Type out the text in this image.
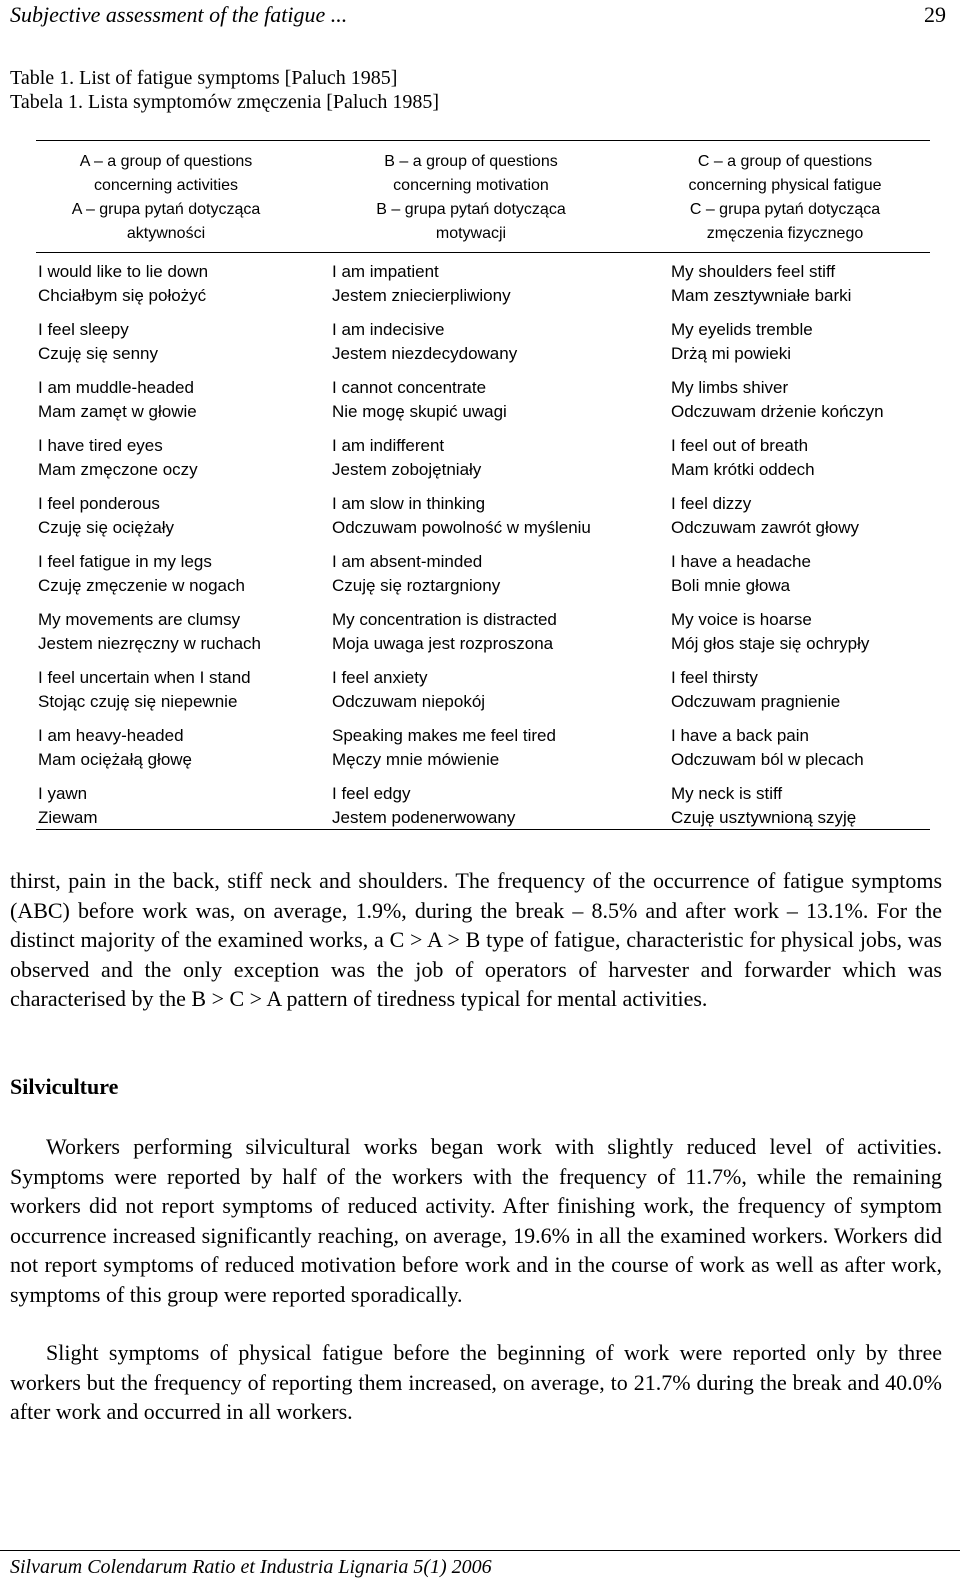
Subjective assessment of the fatigue ...	29
Table 1. List of fatigue symptoms [Paluch 1985]
Tabela 1. Lista symptomów zmęczenia [Paluch 1985]
A – a group of questions
concerning activities
A – grupa pytań dotycząca
aktywności
B – a group of questions
concerning motivation
B – grupa pytań dotycząca
motywacji
C – a group of questions
concerning physical fatigue
C – grupa pytań dotycząca
zmęczenia fizycznego
I would like to lie down
Chciałbym się położyć
I am impatient
Jestem zniecierpliwiony
My shoulders feel stiff
Mam zesztywniałe barki
I feel sleepy
Czuję się senny
I am indecisive
Jestem niezdecydowany
My eyelids tremble
Drżą mi powieki
I am muddle-headed
Mam zamęt w głowie
I cannot concentrate
Nie mogę skupić uwagi
My limbs shiver
Odczuwam drżenie kończyn
I have tired eyes
Mam zmęczone oczy
I am indifferent
Jestem zobojętniały
I feel out of breath
Mam krótki oddech
I feel ponderous
Czuję się ociężały
I am slow in thinking
Odczuwam powolność w myśleniu
I feel dizzy
Odczuwam zawrót głowy
I feel fatigue in my legs
Czuję zmęczenie w nogach
I am absent-minded
Czuję się roztargniony
I have a headache
Boli mnie głowa
My movements are clumsy
Jestem niezręczny w ruchach
My concentration is distracted
Moja uwaga jest rozproszona
My voice is hoarse
Mój głos staje się ochrypły
I feel uncertain when I stand
Stojąc czuję się niepewnie
I feel anxiety
Odczuwam niepokój
I feel thirsty
Odczuwam pragnienie
I am heavy-headed
Mam ociężałą głowę
Speaking makes me feel tired
Męczy mnie mówienie
I have a back pain
Odczuwam ból w plecach
I yawn
Ziewam
I feel edgy
Jestem podenerwowany
My neck is stiff
Czuję usztywnioną szyję

thirst, pain in the back, stiff neck and shoulders. The frequency of the occurrence of fatigue symptoms (ABC) before work was, on average, 1.9%, during the break – 8.5% and after work – 13.1%. For the distinct majority of the examined works, a C > A > B type of fatigue, characteristic for physical jobs, was observed and the only exception was the job of operators of harvester and forwarder which was characterised by the B > C > A pattern of tiredness typical for mental activities.

Silviculture

Workers performing silvicultural works began work with slightly reduced level of activities. Symptoms were reported by half of the workers with the frequency of 11.7%, while the remaining workers did not report symptoms of reduced activity. After finishing work, the frequency of symptom occurrence increased significantly reaching, on average, 19.6% in all the examined workers. Workers did not report symptoms of reduced motivation before work and in the course of work as well as after work, symptoms of this group were reported sporadically.

Slight symptoms of physical fatigue before the beginning of work were reported only by three workers but the frequency of reporting them increased, on average, to 21.7% during the break and 40.0% after work and occurred in all workers.

Silvarum Colendarum Ratio et Industria Lignaria 5(1) 2006
